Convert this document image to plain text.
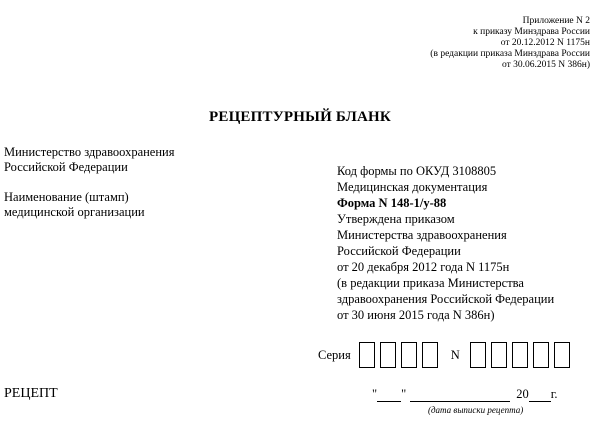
Приложение N 2
к приказу Минздрава России
от 20.12.2012 N 1175н
(в редакции приказа Минздрава России
от 30.06.2015 N 386н)
РЕЦЕПТУРНЫЙ БЛАНК
Министерство здравоохранения
Российской Федерации
Наименование (штамп)
медицинской организации
Код формы по ОКУД 3108805
Медицинская документация
Форма N 148-1/у-88
Утверждена приказом
Министерства здравоохранения
Российской Федерации
от 20 декабря 2012 года N 1175н
(в редакции приказа Министерства
здравоохранения Российской Федерации
от 30 июня 2015 года N 386н)
Серия	N
РЕЦЕПТ	" "	20 г.
(дата выписки рецепта)
